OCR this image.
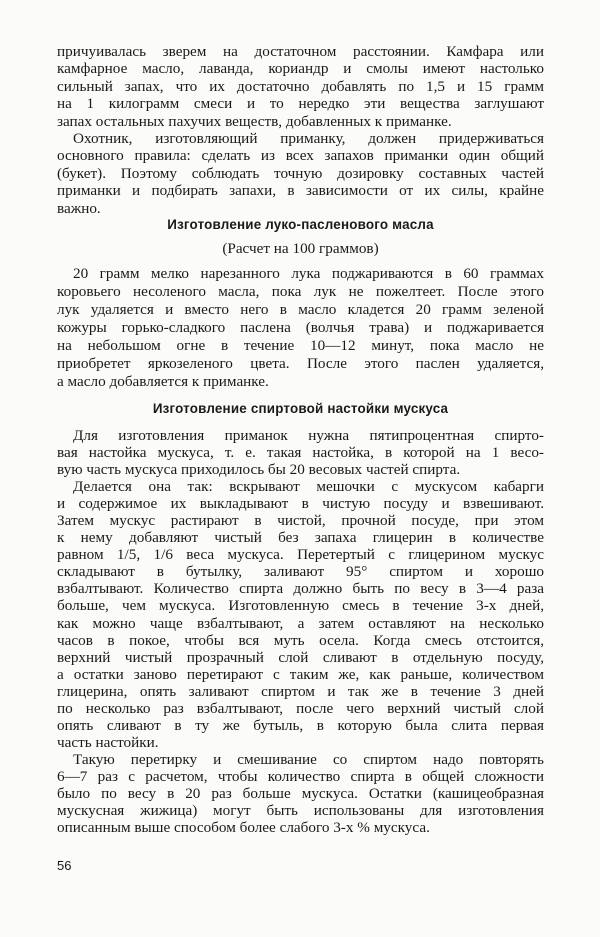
причуивалась зверем на достаточном расстоянии. Камфара или
камфарное масло, лаванда, кориандр и смолы имеют настолько
сильный запах, что их достаточно добавлять по 1,5 и 15 грамм
на 1 килограмм смеси и то нередко эти вещества заглушают
запах остальных пахучих веществ, добавленных к приманке.
Охотник, изготовляющий приманку, должен придерживаться
основного правила: сделать из всех запахов приманки один общий
(букет). Поэтому соблюдать точную дозировку составных частей
приманки и подбирать запахи, в зависимости от их силы, крайне
важно.
Изготовление луко-пасленового масла
(Расчет на 100 граммов)
20 грамм мелко нарезанного лука поджариваются в 60 граммах
коровьего несоленого масла, пока лук не пожелтеет. После этого
лук удаляется и вместо него в масло кладется 20 грамм зеленой
кожуры горько-сладкого паслена (волчья трава) и поджаривается
на небольшом огне в течение 10—12 минут, пока масло не
приобретет яркозеленого цвета. После этого паслен удаляется,
а масло добавляется к приманке.
Изготовление спиртовой настойки мускуса
Для изготовления приманок нужна пятипроцентная спирто-
вая настойка мускуса, т. е. такая настойка, в которой на 1 весо-
вую часть мускуса приходилось бы 20 весовых частей спирта.
Делается она так: вскрывают мешочки с мускусом кабарги
и содержимое их выкладывают в чистую посуду и взвешивают.
Затем мускус растирают в чистой, прочной посуде, при этом
к нему добавляют чистый без запаха глицерин в количестве
равном 1/5, 1/6 веса мускуса. Перетертый с глицерином мускус
складывают в бутылку, заливают 95° спиртом и хорошо
взбалтывают. Количество спирта должно быть по весу в 3—4 раза
больше, чем мускуса. Изготовленную смесь в течение 3-х дней,
как можно чаще взбалтывают, а затем оставляют на несколько
часов в покое, чтобы вся муть осела. Когда смесь отстоится,
верхний чистый прозрачный слой сливают в отдельную посуду,
а остатки заново перетирают с таким же, как раньше, количеством
глицерина, опять заливают спиртом и так же в течение 3 дней
по несколько раз взбалтывают, после чего верхний чистый слой
опять сливают в ту же бутыль, в которую была слита первая
часть настойки.
Такую перетирку и смешивание со спиртом надо повторять
6—7 раз с расчетом, чтобы количество спирта в общей сложности
было по весу в 20 раз больше мускуса. Остатки (кашицеобразная
мускусная жижица) могут быть использованы для изготовления
описанным выше способом более слабого 3-х % мускуса.
56
